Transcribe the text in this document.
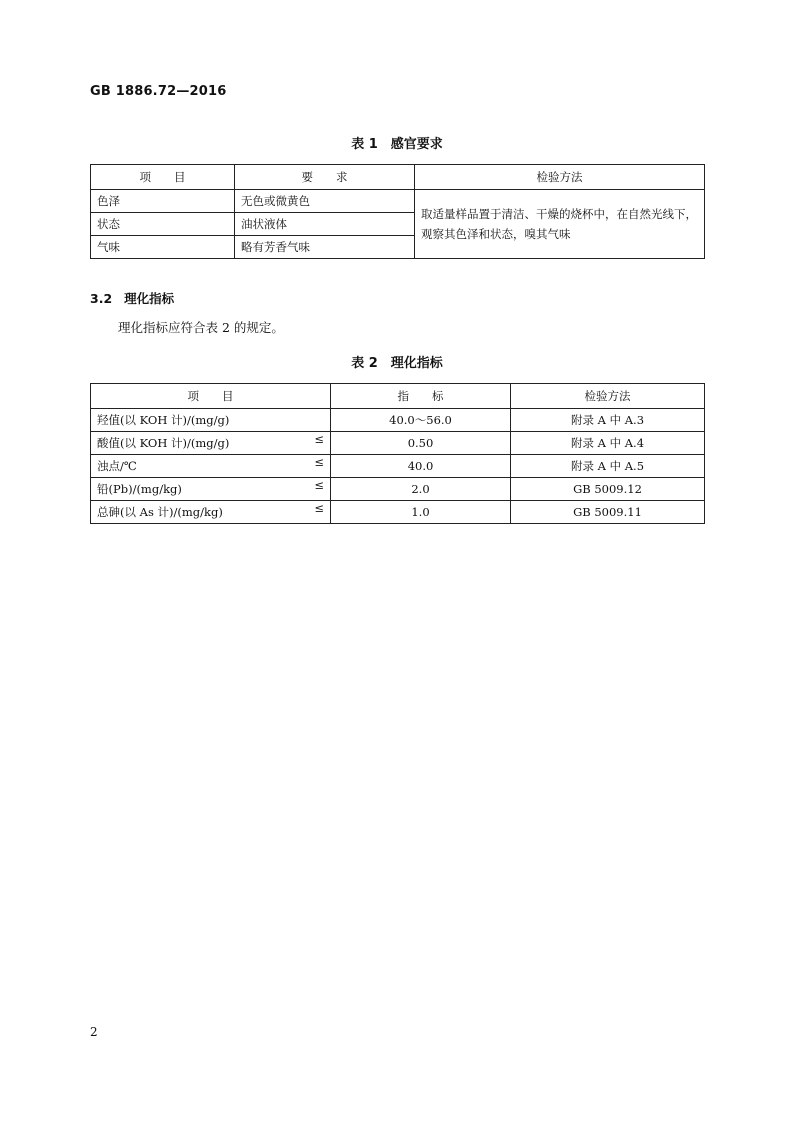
GB 1886.72—2016
表 1　感官要求
项　　目	要　　求	检验方法
色泽	无色或微黄色	取适量样品置于清洁、干燥的烧杯中，在自然光线下，观察其色泽和状态，嗅其气味
状态	油状液体	
气味	略有芳香气味	
3.2 理化指标
理化指标应符合表 2 的规定。
表 2　理化指标
项　　目	指　　标	检验方法
羟值(以 KOH 计)/(mg/g)	40.0～56.0	附录 A 中 A.3
酸值(以 KOH 计)/(mg/g) ≤	0.50	附录 A 中 A.4
浊点/℃ ≤	40.0	附录 A 中 A.5
铅(Pb)/(mg/kg) ≤	2.0	GB 5009.12
总砷(以 As 计)/(mg/kg) ≤	1.0	GB 5009.11
2
